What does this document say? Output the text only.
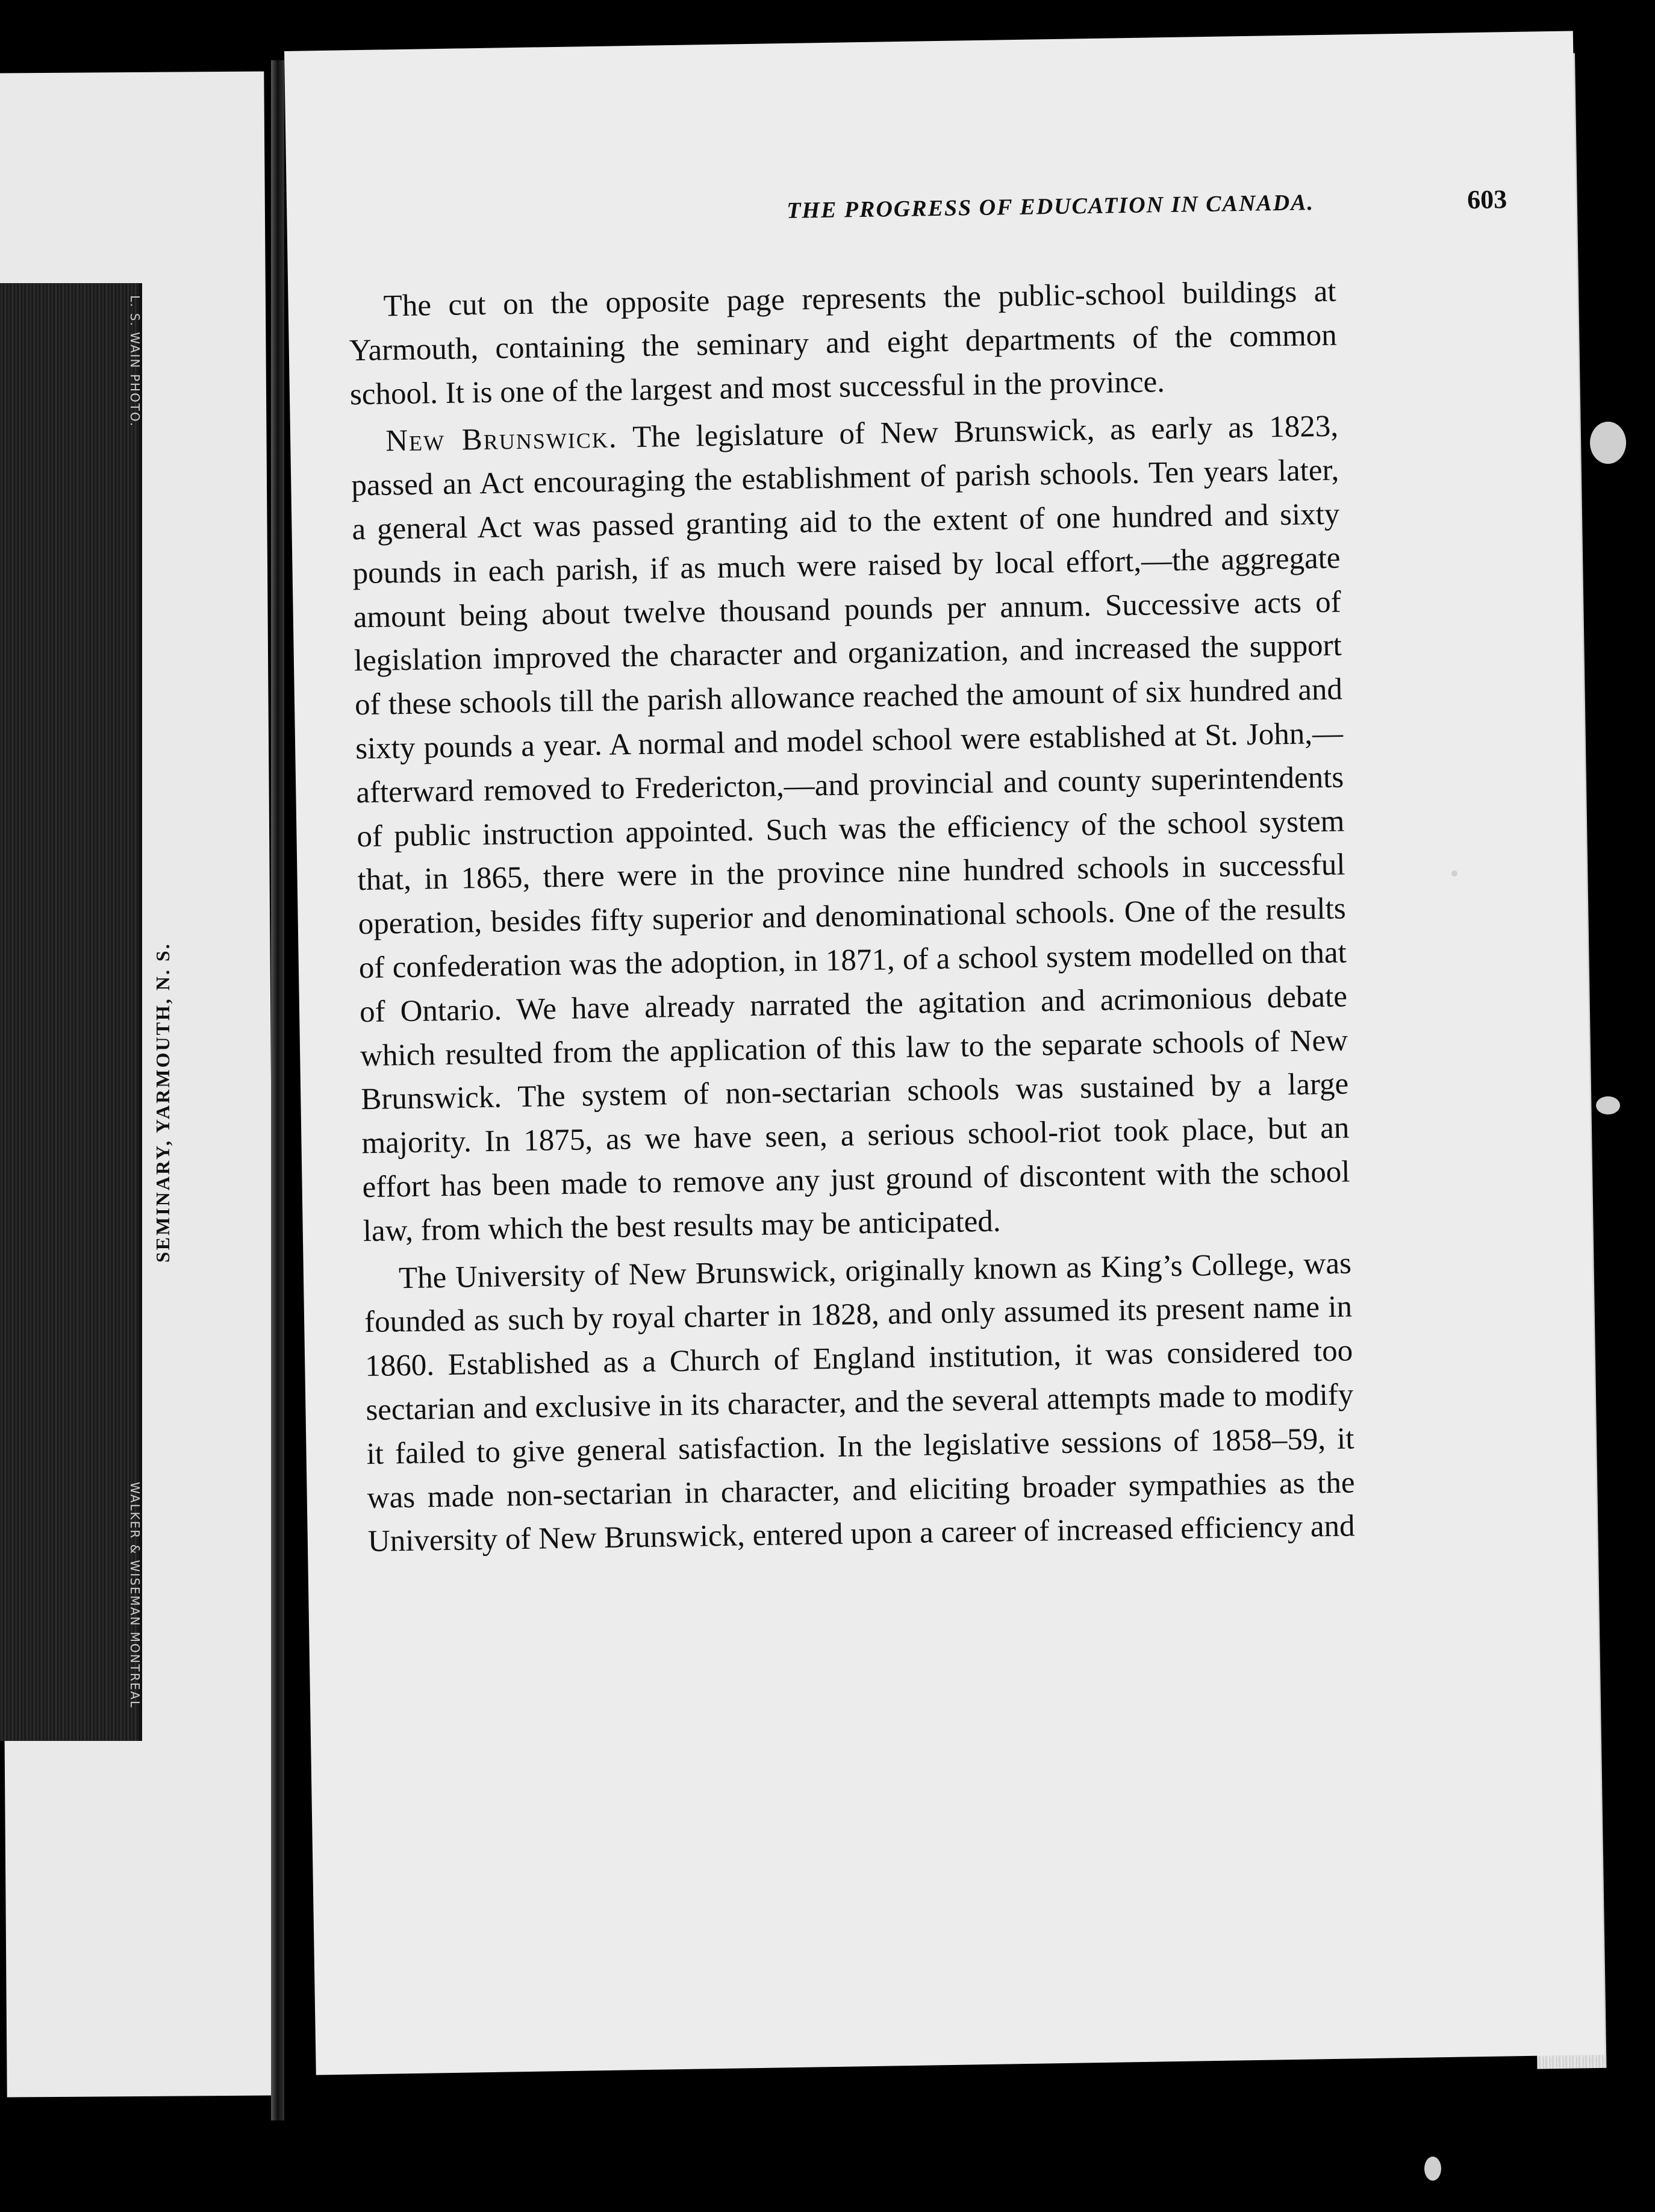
L. S. WAIN PHOTO.
WALKER & WISEMAN MONTREAL
SEMINARY, YARMOUTH, N. S.
THE PROGRESS OF EDUCATION IN CANADA.	603

The cut on the opposite page represents the public-school buildings at Yarmouth, containing the seminary and eight departments of the common school. It is one of the largest and most successful in the province.

New Brunswick. The legislature of New Brunswick, as early as 1823, passed an Act encouraging the establishment of parish schools. Ten years later, a general Act was passed granting aid to the extent of one hundred and sixty pounds in each parish, if as much were raised by local effort,—the aggregate amount being about twelve thousand pounds per annum. Successive acts of legislation improved the character and organization, and increased the support of these schools till the parish allowance reached the amount of six hundred and sixty pounds a year. A normal and model school were established at St. John,—afterward removed to Fredericton,—and provincial and county superintendents of public instruction appointed. Such was the efficiency of the school system that, in 1865, there were in the province nine hundred schools in successful operation, besides fifty superior and denominational schools. One of the results of confederation was the adoption, in 1871, of a school system modelled on that of Ontario. We have already narrated the agitation and acrimonious debate which resulted from the application of this law to the separate schools of New Brunswick. The system of non-sectarian schools was sustained by a large majority. In 1875, as we have seen, a serious school-riot took place, but an effort has been made to remove any just ground of discontent with the school law, from which the best results may be anticipated.

The University of New Brunswick, originally known as King’s College, was founded as such by royal charter in 1828, and only assumed its present name in 1860. Established as a Church of England institution, it was considered too sectarian and exclusive in its character, and the several attempts made to modify it failed to give general satisfaction. In the legislative sessions of 1858–59, it was made non-sectarian in character, and eliciting broader sympathies as the University of New Brunswick, entered upon a career of increased efficiency and
